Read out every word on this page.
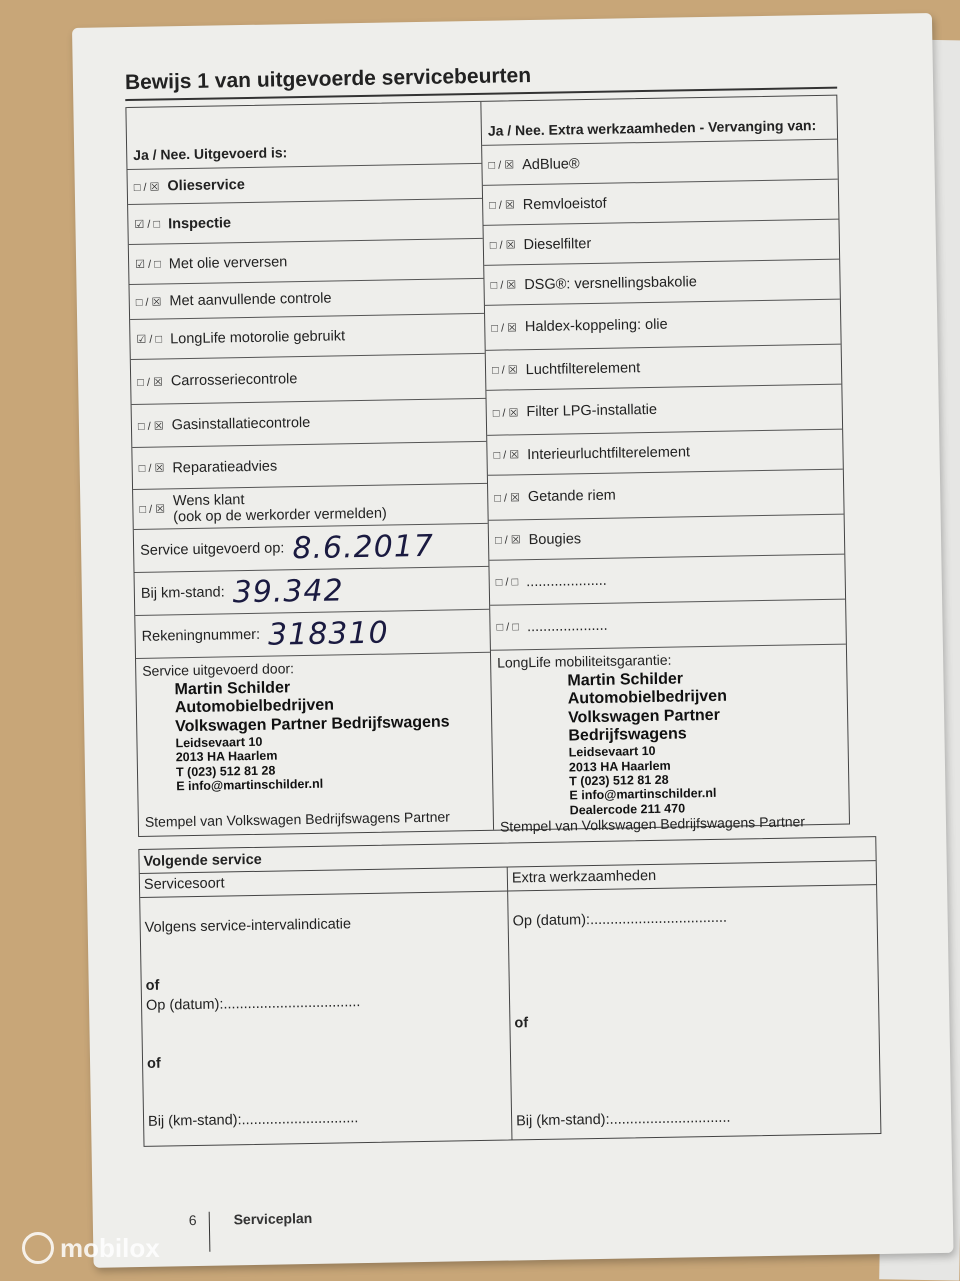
Bewijs 1 van uitgevoerde servicebeurten
Ja / Nee. Uitgevoerd is:
□ / ☒ Olieservice
☑ / □ Inspectie
☑ / □ Met olie verversen
□ / ☒ Met aanvullende controle
☑ / □ LongLife motorolie gebruikt
□ / ☒ Carrosseriecontrole
□ / ☒ Gasinstallatiecontrole
□ / ☒ Reparatieadvies
□ / ☒
Wens klant
(ook op de werkorder vermelden)
Service uitgevoerd op: 8.6.2017
Bij km-stand: 39.342
Rekeningnummer: 318310
Service uitgevoerd door:
Martin Schilder
Automobielbedrijven
Volkswagen Partner Bedrijfswagens
Leidsevaart 10
2013 HA Haarlem
T (023) 512 81 28
E info@martinschilder.nl
Stempel van Volkswagen Bedrijfswagens Partner
Ja / Nee. Extra werkzaamheden - Vervanging van:
□ / ☒ AdBlue®
□ / ☒ Remvloeistof
□ / ☒ Dieselfilter
□ / ☒ DSG®: versnellingsbakolie
□ / ☒ Haldex-koppeling: olie
□ / ☒ Luchtfilterelement
□ / ☒ Filter LPG-installatie
□ / ☒ Interieurluchtfilterelement
□ / ☒ Getande riem
□ / ☒ Bougies
□ / □ ....................
□ / □ ....................
LongLife mobiliteitsgarantie:
Martin Schilder
Automobielbedrijven
Volkswagen Partner Bedrijfswagens
Leidsevaart 10
2013 HA Haarlem
T (023) 512 81 28
E info@martinschilder.nl
Dealercode 211 470
Stempel van Volkswagen Bedrijfswagens Partner
Volgende service
Servicesoort	Extra werkzaamheden
Volgens service-intervalindicatie
of
Op (datum):..................................
of
Bij (km-stand):.............................
Op (datum):..................................
of
Bij (km-stand):..............................
6	Serviceplan
mobilox
